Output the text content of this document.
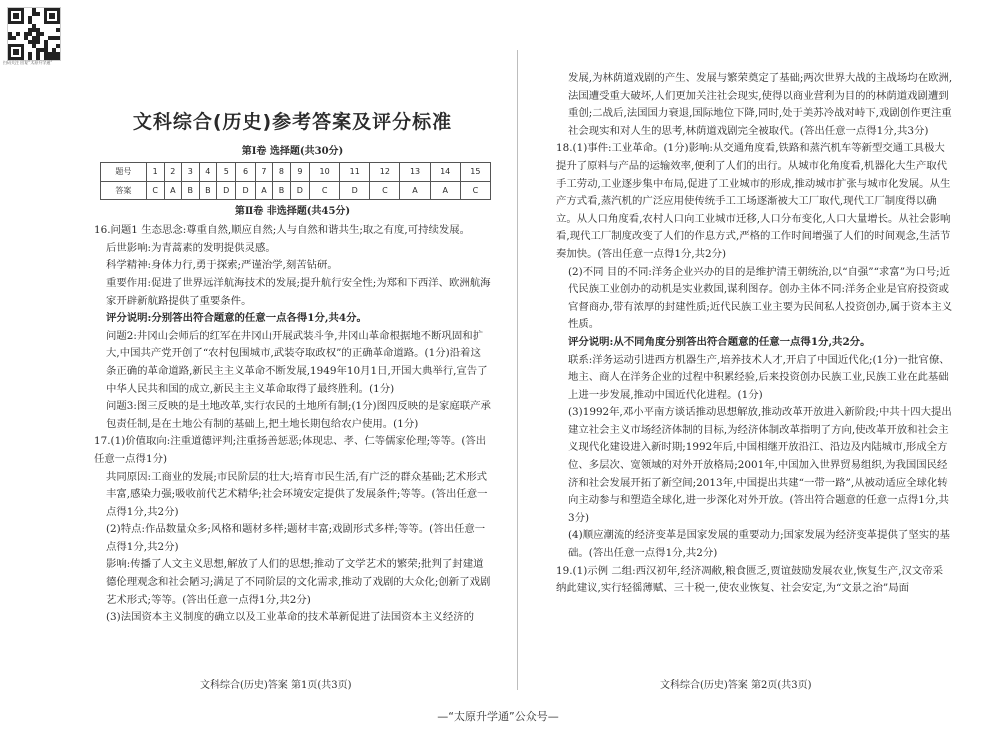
扫码关注 回复“太原升学通”

文科综合(历史)参考答案及评分标准

第Ⅰ卷 选择题(共30分)

题号	1	2	3	4	5	6	7	8	9	10	11	12	13	14	15
答案	C	A	B	B	D	D	A	B	D	C	D	C	A	A	C

第Ⅱ卷 非选择题(共45分)

16.问题1 生态思念:尊重自然,顺应自然;人与自然和谐共生;取之有度,可持续发展。

后世影响:为青蒿素的发明提供灵感。

科学精神:身体力行,勇于探索;严谨治学,刻苦钻研。

重要作用:促进了世界远洋航海技术的发展;提升航行安全性;为郑和下西洋、欧洲航海家开辟新航路提供了重要条件。

评分说明:分别答出符合题意的任意一点各得1分,共4分。

问题2:井冈山会师后的红军在井冈山开展武装斗争,井冈山革命根据地不断巩固和扩大,中国共产党开创了“农村包围城市,武装夺取政权”的正确革命道路。(1分)沿着这条正确的革命道路,新民主主义革命不断发展,1949年10月1日,开国大典举行,宣告了中华人民共和国的成立,新民主主义革命取得了最终胜利。(1分)

问题3:图三反映的是土地改革,实行农民的土地所有制;(1分)图四反映的是家庭联产承包责任制,是在土地公有制的基础上,把土地长期包给农户使用。(1分)

17.(1)价值取向:注重道德评判;注重扬善惩恶;体现忠、孝、仁等儒家伦理;等等。(答出任意一点得1分)

共同原因:工商业的发展;市民阶层的壮大;培育市民生活,有广泛的群众基础;艺术形式丰富,感染力强;吸收前代艺术精华;社会环境安定提供了发展条件;等等。(答出任意一点得1分,共2分)

(2)特点:作品数量众多;风格和题材多样;题材丰富;戏剧形式多样;等等。(答出任意一点得1分,共2分)

影响:传播了人文主义思想,解放了人们的思想;推动了文学艺术的繁荣;批判了封建道德伦理观念和社会陋习;满足了不同阶层的文化需求,推动了戏剧的大众化;创新了戏剧艺术形式;等等。(答出任意一点得1分,共2分)

(3)法国资本主义制度的确立以及工业革命的技术革新促进了法国资本主义经济的

发展,为林荫道戏剧的产生、发展与繁荣奠定了基础;两次世界大战的主战场均在欧洲,法国遭受重大破坏,人们更加关注社会现实,使得以商业营利为目的的林荫道戏剧遭到重创;二战后,法国国力衰退,国际地位下降,同时,处于美苏冷战对峙下,戏剧创作更注重社会现实和对人生的思考,林荫道戏剧完全被取代。(答出任意一点得1分,共3分)

18.(1)事件:工业革命。(1分)影响:从交通角度看,铁路和蒸汽机车等新型交通工具极大提升了原料与产品的运输效率,便利了人们的出行。从城市化角度看,机器化大生产取代手工劳动,工业逐步集中布局,促进了工业城市的形成,推动城市扩张与城市化发展。从生产方式看,蒸汽机的广泛应用使传统手工工场逐渐被大工厂取代,现代工厂制度得以确立。从人口角度看,农村人口向工业城市迁移,人口分布变化,人口大量增长。从社会影响看,现代工厂制度改变了人们的作息方式,严格的工作时间增强了人们的时间观念,生活节奏加快。(答出任意一点得1分,共2分)

(2)不同 目的不同:洋务企业兴办的目的是维护清王朝统治,以“自强”“求富”为口号;近代民族工业创办的动机是实业救国,谋利图存。创办主体不同:洋务企业是官府投资或官督商办,带有浓厚的封建性质;近代民族工业主要为民间私人投资创办,属于资本主义性质。

评分说明:从不同角度分别答出符合题意的任意一点得1分,共2分。

联系:洋务运动引进西方机器生产,培养技术人才,开启了中国近代化;(1分)一批官僚、地主、商人在洋务企业的过程中积累经验,后来投资创办民族工业,民族工业在此基础上进一步发展,推动中国近代化进程。(1分)

(3)1992年,邓小平南方谈话推动思想解放,推动改革开放进入新阶段;中共十四大提出建立社会主义市场经济体制的目标,为经济体制改革指明了方向,使改革开放和社会主义现代化建设进入新时期;1992年后,中国相继开放沿江、沿边及内陆城市,形成全方位、多层次、宽领域的对外开放格局;2001年,中国加入世界贸易组织,为我国国民经济和社会发展开拓了新空间;2013年,中国提出共建“一带一路”,从被动适应全球化转向主动参与和塑造全球化,进一步深化对外开放。(答出符合题意的任意一点得1分,共3分)

(4)顺应潮流的经济变革是国家发展的重要动力;国家发展为经济变革提供了坚实的基础。(答出任意一点得1分,共2分)

19.(1)示例 二组:西汉初年,经济凋敝,粮食匮乏,贾谊鼓励发展农业,恢复生产,汉文帝采纳此建议,实行轻徭薄赋、三十税一,使农业恢复、社会安定,为“文景之治”局面

文科综合(历史)答案 第1页(共3页)	文科综合(历史)答案 第2页(共3页)
—“太原升学通”公众号—
